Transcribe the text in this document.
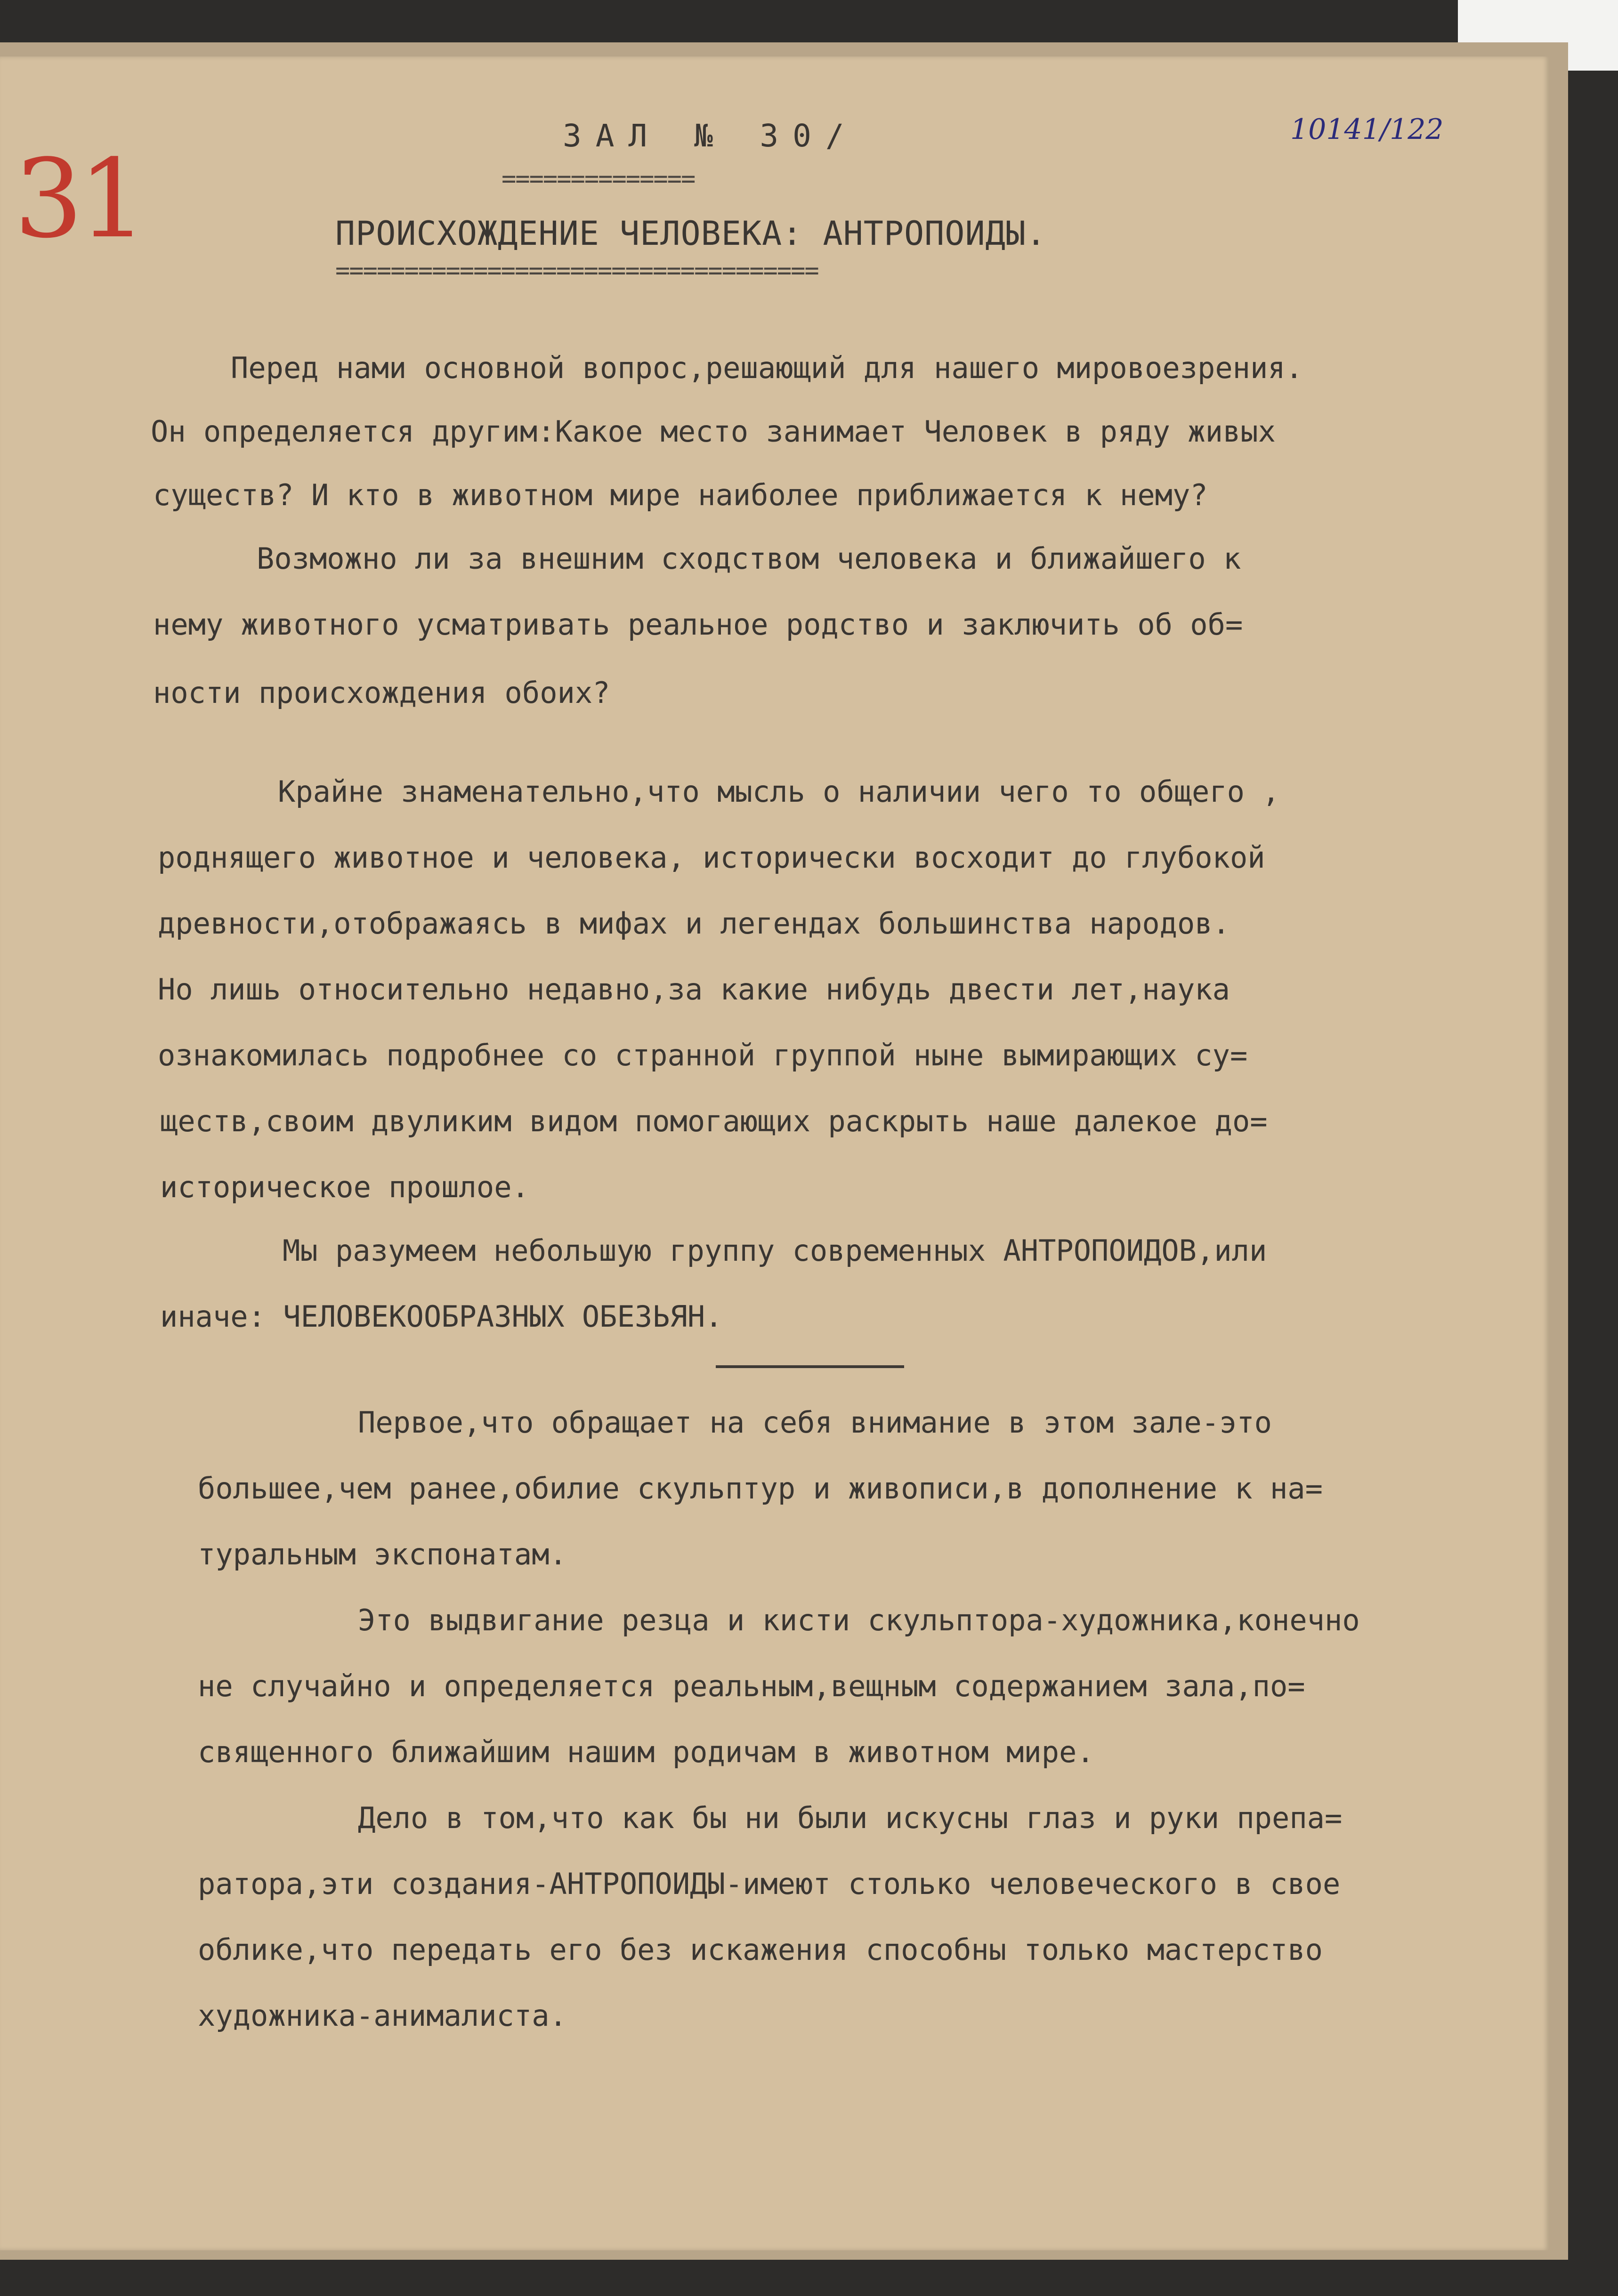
31
10141/122
ЗАЛ № 30/
==============
ПРОИСХОЖДЕНИЕ ЧЕЛОВЕКА: АНТРОПОИДЫ.
===================================
Перед нами основной вопрос,решающий для нашего мировоезрения.
Он определяется другим:Какое место занимает Человек в ряду живых
существ? И кто в животном мире наиболее приближается к нему?
Возможно ли за внешним сходством человека и ближайшего к
нему животного усматривать реальное родство и заключить об об=
ности происхождения обоих?
Крайне знаменательно,что мысль о наличии чего то общего ,
роднящего животное и человека, исторически восходит до глубокой
древности,отображаясь в мифах и легендах большинства народов.
Но лишь относительно недавно,за какие нибудь двести лет,наука
ознакомилась подробнее со странной группой ныне вымирающих су=
ществ,своим двуликим видом помогающих раскрыть наше далекое до=
историческое прошлое.
Мы разумеем небольшую группу современных АНТРОПОИДОВ,или
иначе: ЧЕЛОВЕКООБРАЗНЫХ ОБЕЗЬЯН.
Первое,что обращает на себя внимание в этом зале-это
большее,чем ранее,обилие скульптур и живописи,в дополнение к на=
туральным экспонатам.
Это выдвигание резца и кисти скульптора-художника,конечно
не случайно и определяется реальным,вещным содержанием зала,по=
священного ближайшим нашим родичам в животном мире.
Дело в том,что как бы ни были искусны глаз и руки препа=
ратора,эти создания-АНТРОПОИДЫ-имеют столько человеческого в свое
облике,что передать его без искажения способны только мастерство
художника-анималиста.
